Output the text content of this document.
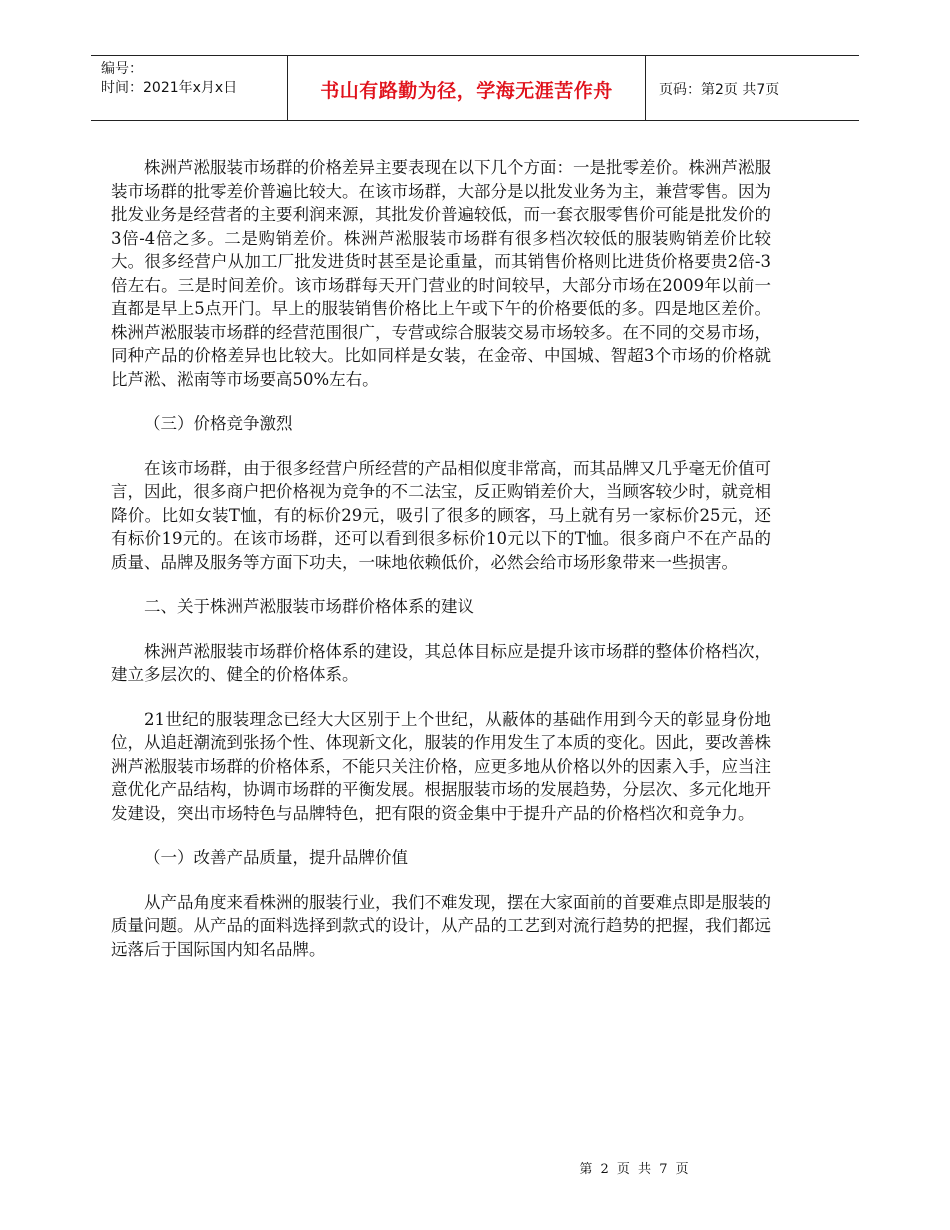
编号：
时间：2021年x月x日	书山有路勤为径，学海无涯苦作舟	页码：第2页 共7页

株洲芦淞服装市场群的价格差异主要表现在以下几个方面：一是批零差价。株洲芦淞服装市场群的批零差价普遍比较大。在该市场群，大部分是以批发业务为主，兼营零售。因为批发业务是经营者的主要利润来源，其批发价普遍较低，而一套衣服零售价可能是批发价的3倍-4倍之多。二是购销差价。株洲芦淞服装市场群有很多档次较低的服装购销差价比较大。很多经营户从加工厂批发进货时甚至是论重量，而其销售价格则比进货价格要贵2倍-3倍左右。三是时间差价。该市场群每天开门营业的时间较早，大部分市场在2009年以前一直都是早上5点开门。早上的服装销售价格比上午或下午的价格要低的多。四是地区差价。株洲芦淞服装市场群的经营范围很广，专营或综合服装交易市场较多。在不同的交易市场，同种产品的价格差异也比较大。比如同样是女装，在金帝、中国城、智超3个市场的价格就比芦淞、淞南等市场要高50%左右。

（三）价格竞争激烈

在该市场群，由于很多经营户所经营的产品相似度非常高，而其品牌又几乎毫无价值可言，因此，很多商户把价格视为竞争的不二法宝，反正购销差价大，当顾客较少时，就竞相降价。比如女装T恤，有的标价29元，吸引了很多的顾客，马上就有另一家标价25元，还有标价19元的。在该市场群，还可以看到很多标价10元以下的T恤。很多商户不在产品的质量、品牌及服务等方面下功夫，一味地依赖低价，必然会给市场形象带来一些损害。

二、关于株洲芦淞服装市场群价格体系的建议

株洲芦淞服装市场群价格体系的建设，其总体目标应是提升该市场群的整体价格档次，建立多层次的、健全的价格体系。

21世纪的服装理念已经大大区别于上个世纪，从蔽体的基础作用到今天的彰显身份地位，从追赶潮流到张扬个性、体现新文化，服装的作用发生了本质的变化。因此，要改善株洲芦淞服装市场群的价格体系，不能只关注价格，应更多地从价格以外的因素入手，应当注意优化产品结构，协调市场群的平衡发展。根据服装市场的发展趋势，分层次、多元化地开发建设，突出市场特色与品牌特色，把有限的资金集中于提升产品的价格档次和竞争力。

（一）改善产品质量，提升品牌价值

从产品角度来看株洲的服装行业，我们不难发现，摆在大家面前的首要难点即是服装的质量问题。从产品的面料选择到款式的设计，从产品的工艺到对流行趋势的把握，我们都远远落后于国际国内知名品牌。

第 2 页 共 7 页
